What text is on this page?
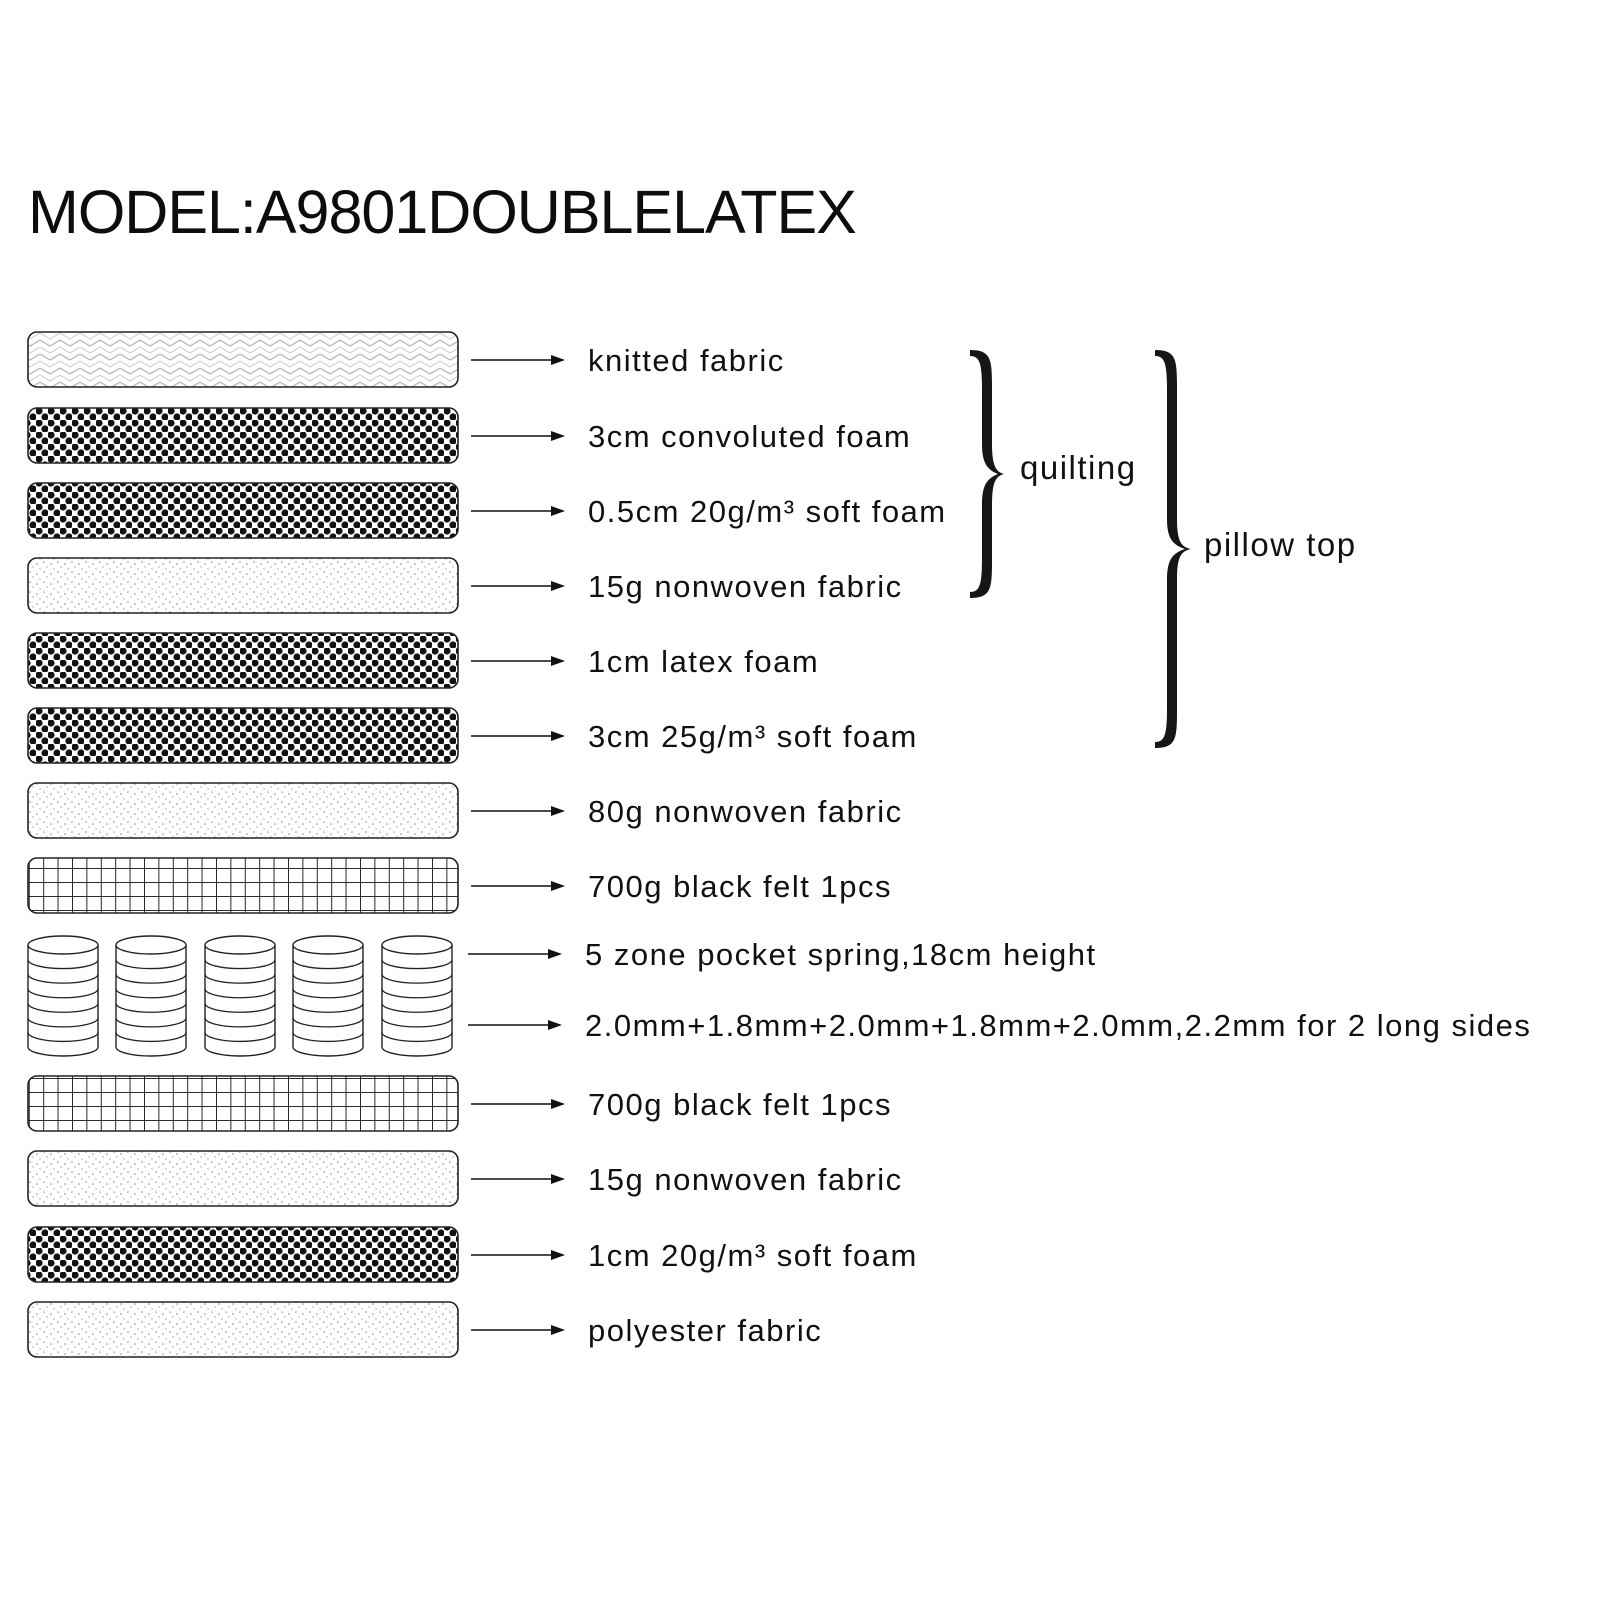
MODEL:A9801DOUBLELATEX
knitted fabric
3cm convoluted foam
0.5cm 20g/m³ soft foam
15g nonwoven fabric
1cm latex foam
3cm 25g/m³ soft foam
80g nonwoven fabric
700g black felt 1pcs
5 zone pocket spring,18cm height
2.0mm+1.8mm+2.0mm+1.8mm+2.0mm,2.2mm for 2 long sides
700g black felt 1pcs
15g nonwoven fabric
1cm 20g/m³ soft foam
polyester fabric
quilting
pillow top
